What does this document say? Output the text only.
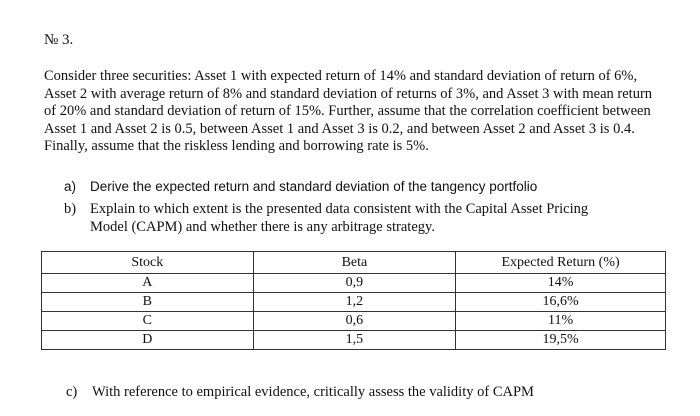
№ 3.
Consider three securities: Asset 1 with expected return of 14% and standard deviation of return of 6%, Asset 2 with average return of 8% and standard deviation of returns of 3%, and Asset 3 with mean return of 20% and standard deviation of return of 15%. Further, assume that the correlation coefficient between Asset 1 and Asset 2 is 0.5, between Asset 1 and Asset 3 is 0.2, and between Asset 2 and Asset 3 is 0.4. Finally, assume that the riskless lending and borrowing rate is 5%.
a) Derive the expected return and standard deviation of the tangency portfolio
b) Explain to which extent is the presented data consistent with the Capital Asset Pricing
Model (CAPM) and whether there is any arbitrage strategy.
Stock	Beta	Expected Return (%)
A	0,9	14%
B	1,2	16,6%
C	0,6	11%
D	1,5	19,5%
c) With reference to empirical evidence, critically assess the validity of CAPM
